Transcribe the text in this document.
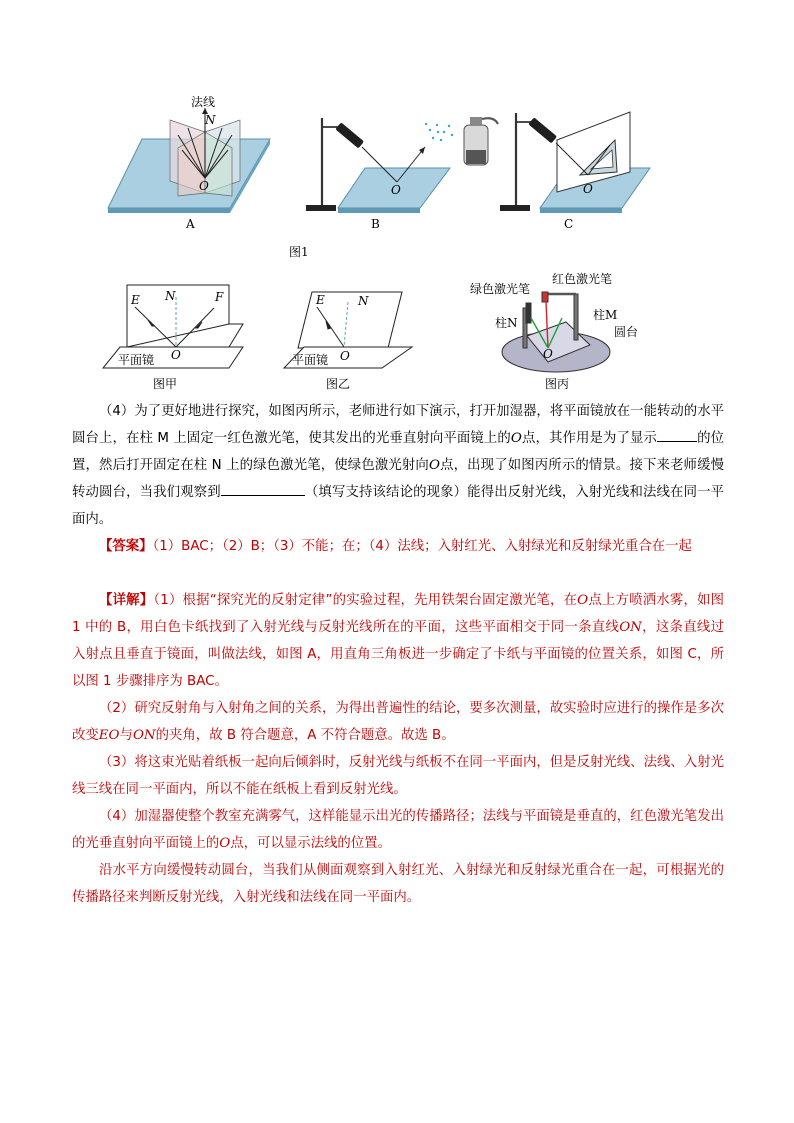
法线
N
O
A
O
B
O
C
图1
E N	F
O
平面镜
图甲
E	N
O
平面镜
图乙
绿色激光笔
红色激光笔
柱N
柱M
圆台
O
图丙

（4）为了更好地进行探究，如图丙所示，老师进行如下演示，打开加湿器，将平面镜放在一能转动的水平圆台上，在柱 M 上固定一红色激光笔，使其发出的光垂直射向平面镜上的O点，其作用是为了显示	的位置，然后打开固定在柱 N 上的绿色激光笔，使绿色激光射向O点，出现了如图丙所示的情景。接下来老师缓慢转动圆台，当我们观察到	（填写支持该结论的现象）能得出反射光线，入射光线和法线在同一平面内。

【答案】（1）BAC；（2）B；（3）不能；在；（4）法线；入射红光、入射绿光和反射绿光重合在一起

【详解】（1）根据“探究光的反射定律”的实验过程，先用铁架台固定激光笔，在O点上方喷洒水雾，如图 1 中的 B，用白色卡纸找到了入射光线与反射光线所在的平面，这些平面相交于同一条直线ON，这条直线过 入射点且垂直于镜面，叫做法线，如图 A，用直角三角板进一步确定了卡纸与平面镜的位置关系，如图 C，所以图 1 步骤排序为 BAC。

（2）研究反射角与入射角之间的关系，为得出普遍性的结论，要多次测量，故实验时应进行的操作是多次改变EO与ON的夹角，故 B 符合题意，A 不符合题意。故选 B。

（3）将这束光贴着纸板一起向后倾斜时，反射光线与纸板不在同一平面内，但是反射光线、法线、入射光线三线在同一平面内，所以不能在纸板上看到反射光线。

（4）加湿器使整个教室充满雾气，这样能显示出光的传播路径；法线与平面镜是垂直的，红色激光笔发出的光垂直射向平面镜上的O点，可以显示法线的位置。

沿水平方向缓慢转动圆台，当我们从侧面观察到入射红光、入射绿光和反射绿光重合在一起，可根据光的传播路径来判断反射光线，入射光线和法线在同一平面内。
